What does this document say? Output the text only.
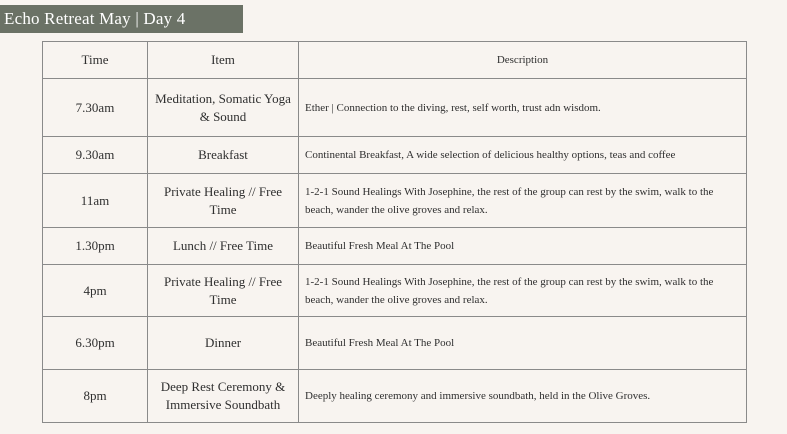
Echo Retreat May | Day 4
Time	Item	Description
7.30am	Meditation, Somatic Yoga & Sound	Ether | Connection to the diving, rest, self worth, trust adn wisdom.
9.30am	Breakfast	Continental Breakfast, A wide selection of delicious healthy options, teas and coffee
11am	Private Healing // Free Time	1-2-1 Sound Healings With Josephine, the rest of the group can rest by the swim, walk to the beach, wander the olive groves and relax.
1.30pm	Lunch // Free Time	Beautiful Fresh Meal At The Pool
4pm	Private Healing // Free Time	1-2-1 Sound Healings With Josephine, the rest of the group can rest by the swim, walk to the beach, wander the olive groves and relax.
6.30pm	Dinner	Beautiful Fresh Meal At The Pool
8pm	Deep Rest Ceremony & Immersive Soundbath	Deeply healing ceremony and immersive soundbath, held in the Olive Groves.
